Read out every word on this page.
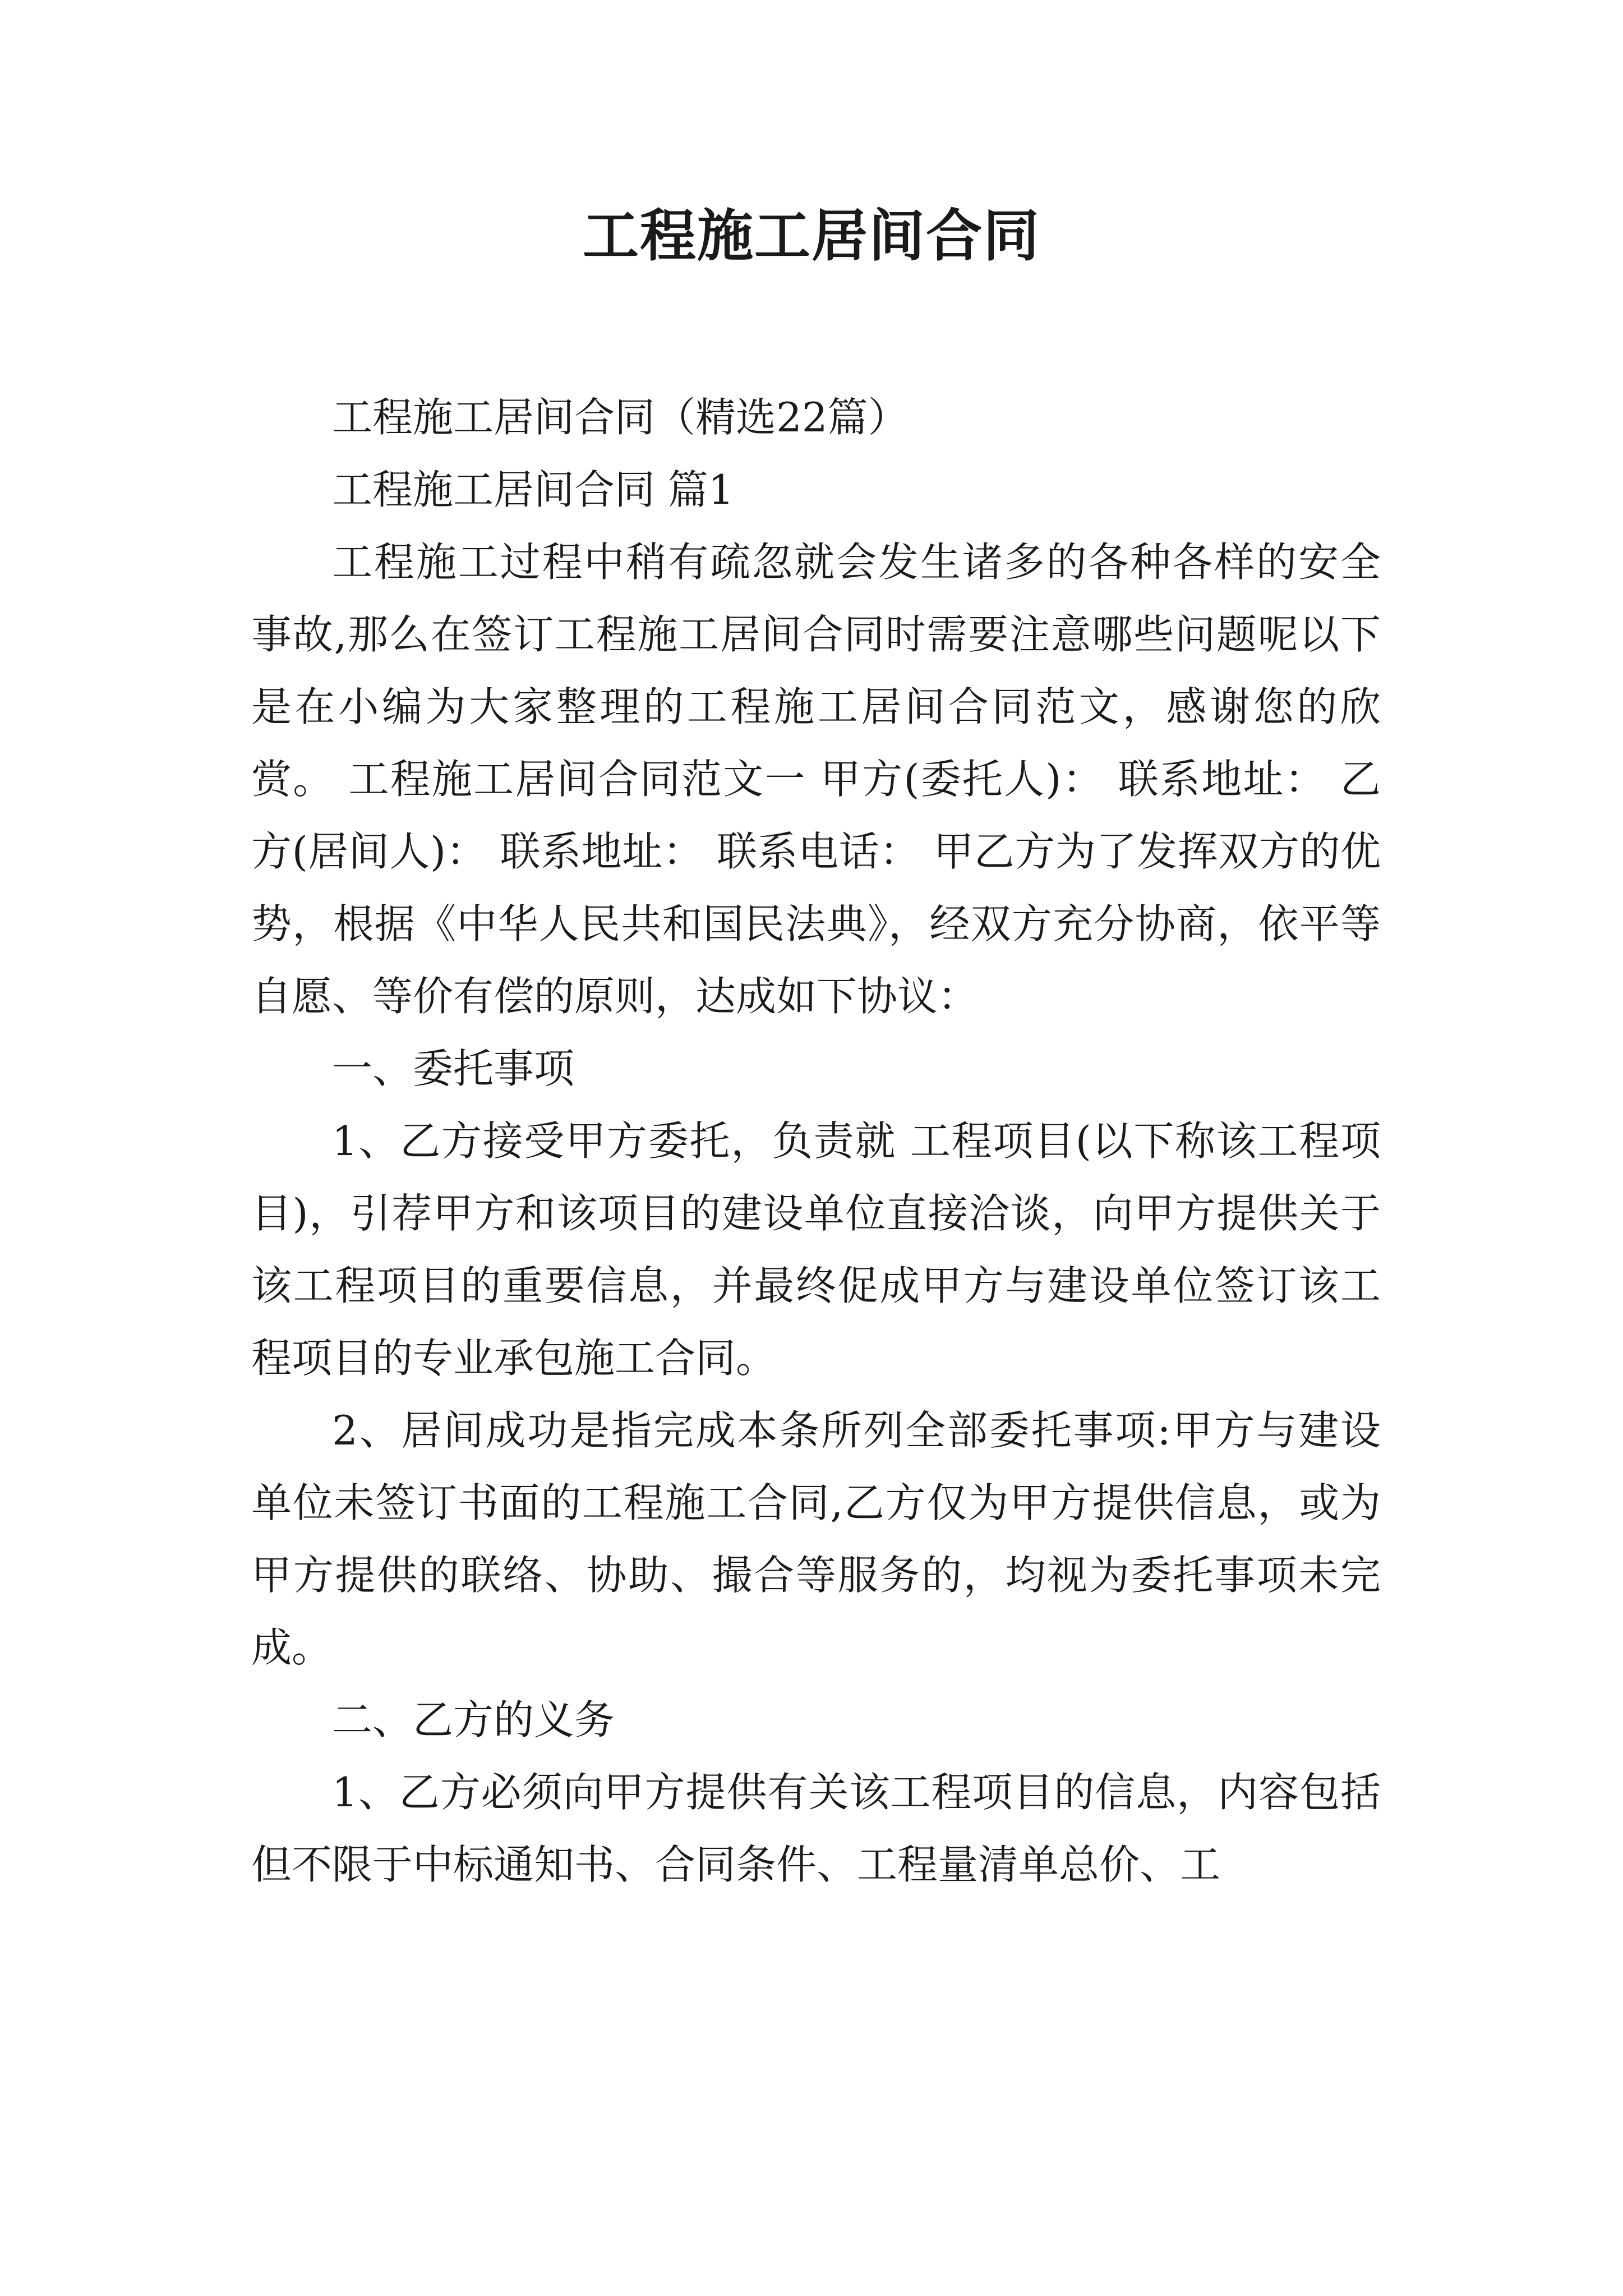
工程施工居间合同

工程施工居间合同（精选22篇）

工程施工居间合同 篇1

工程施工过程中稍有疏忽就会发生诸多的各种各样的安全事故,那么在签订工程施工居间合同时需要注意哪些问题呢以下是在小编为大家整理的工程施工居间合同范文，感谢您的欣赏。 工程施工居间合同范文一 甲方(委托人)： 联系地址： 乙方(居间人)： 联系地址： 联系电话： 甲乙方为了发挥双方的优势，根据《中华人民共和国民法典》，经双方充分协商，依平等自愿、等价有偿的原则，达成如下协议：

一、委托事项

1、乙方接受甲方委托，负责就 工程项目(以下称该工程项目)，引荐甲方和该项目的建设单位直接洽谈，向甲方提供关于该工程项目的重要信息，并最终促成甲方与建设单位签订该工程项目的专业承包施工合同。

2、居间成功是指完成本条所列全部委托事项:甲方与建设单位未签订书面的工程施工合同,乙方仅为甲方提供信息，或为甲方提供的联络、协助、撮合等服务的，均视为委托事项未完成。

二、乙方的义务

1、乙方必须向甲方提供有关该工程项目的信息，内容包括但不限于中标通知书、合同条件、工程量清单总价、工
